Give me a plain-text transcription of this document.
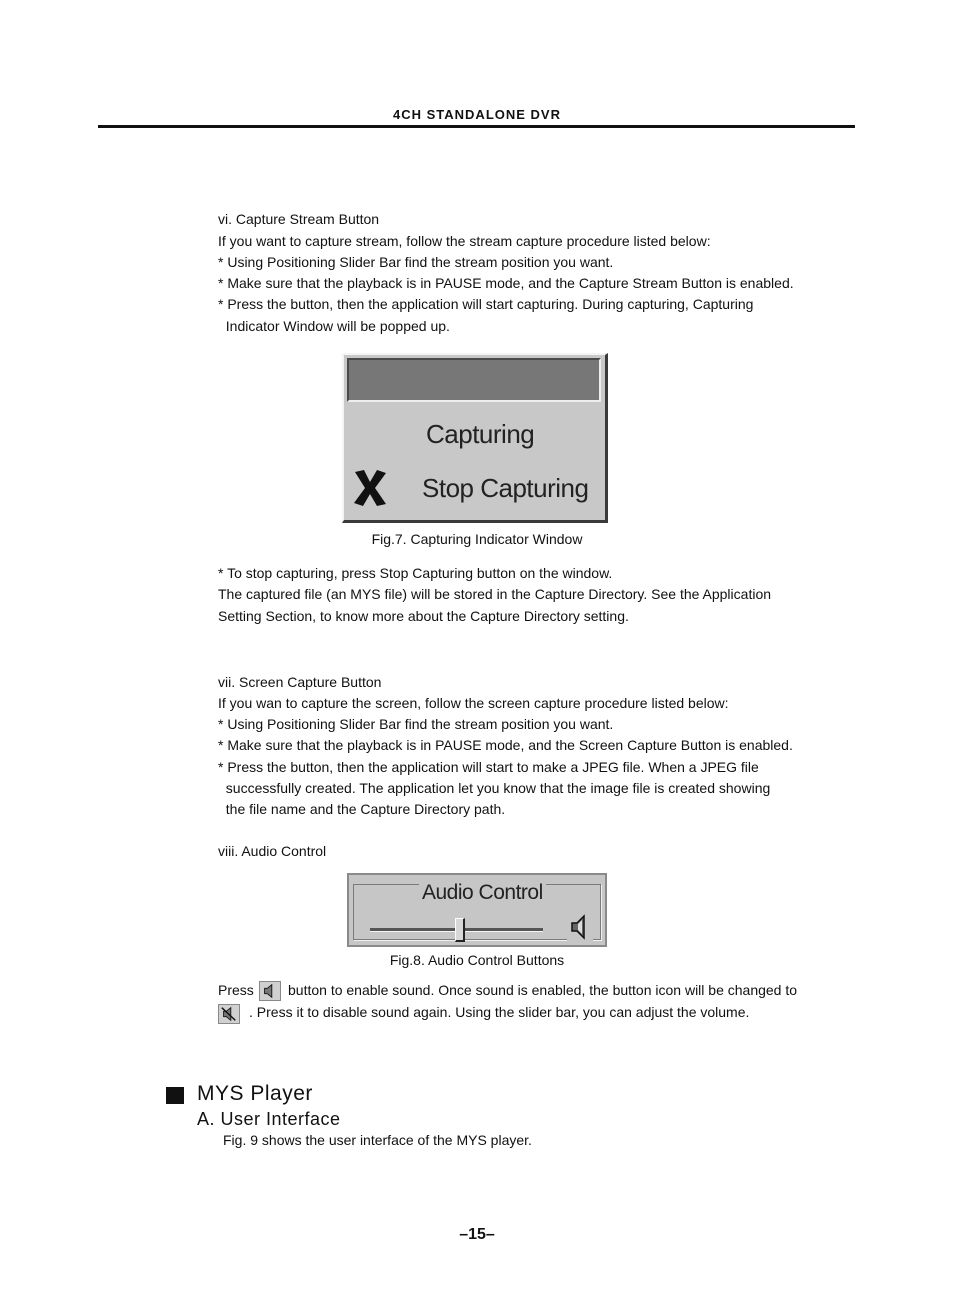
4CH STANDALONE DVR
vi. Capture Stream Button
If you want to capture stream, follow the stream capture procedure listed below:
* Using Positioning Slider Bar find the stream position you want.
* Make sure that the playback is in PAUSE mode, and the Capture Stream Button is enabled.
* Press the button, then the application will start capturing. During capturing, Capturing
Indicator Window will be popped up.
Capturing
Stop Capturing
Fig.7. Capturing Indicator Window
* To stop capturing, press Stop Capturing button on the window.
The captured file (an MYS file) will be stored in the Capture Directory. See the Application
Setting Section, to know more about the Capture Directory setting.
vii. Screen Capture Button
If you wan to capture the screen, follow the screen capture procedure listed below:
* Using Positioning Slider Bar find the stream position you want.
* Make sure that the playback is in PAUSE mode, and the Screen Capture Button is enabled.
* Press the button, then the application will start to make a JPEG file. When a JPEG file
successfully created. The application let you know that the image file is created showing
the file name and the Capture Directory path.
viii. Audio Control
Audio Control
Fig.8. Audio Control Buttons
Press button to enable sound. Once sound is enabled, the button icon will be changed to
. Press it to disable sound again. Using the slider bar, you can adjust the volume.
MYS Player
A. User Interface
Fig. 9 shows the user interface of the MYS player.
–15–
